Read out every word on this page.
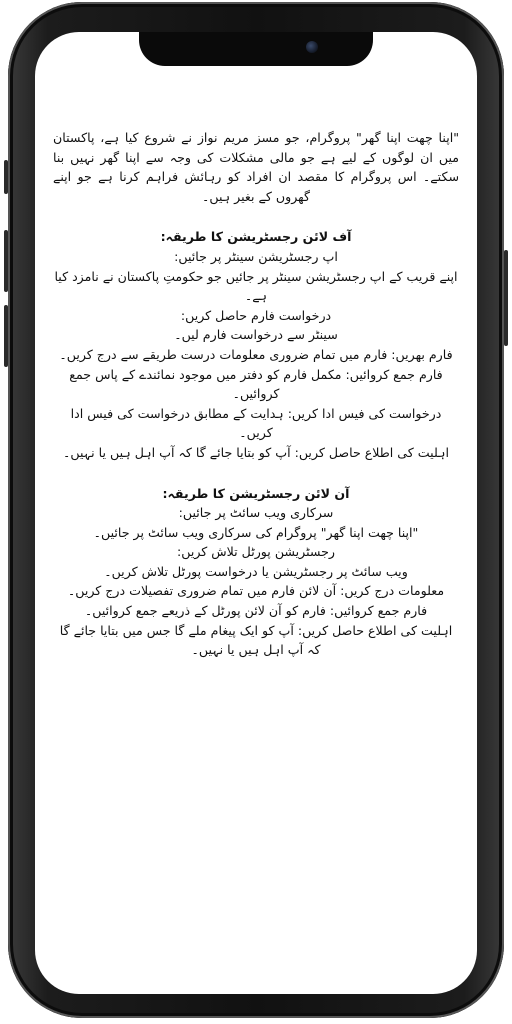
"اپنا چھت اپنا گھر" پروگرام، جو مسز مریم نواز نے شروع کیا ہے، پاکستان میں ان لوگوں کے لیے ہے جو مالی مشکلات کی وجہ سے اپنا گھر نہیں بنا سکتے۔ اس پروگرام کا مقصد ان افراد کو رہائش فراہم کرنا ہے جو اپنے گھروں کے بغیر ہیں۔

آف لائن رجسٹریشن کا طریقہ:

اپ رجسٹریشن سینٹر پر جائیں:

اپنے قریب کے اپ رجسٹریشن سینٹر پر جائیں جو حکومتِ پاکستان نے نامزد کیا ہے۔

درخواست فارم حاصل کریں:

سینٹر سے درخواست فارم لیں۔

فارم بھریں: فارم میں تمام ضروری معلومات درست طریقے سے درج کریں۔

فارم جمع کروائیں: مکمل فارم کو دفتر میں موجود نمائندے کے پاس جمع کروائیں۔

درخواست کی فیس ادا کریں: ہدایت کے مطابق درخواست کی فیس ادا کریں۔

اہلیت کی اطلاع حاصل کریں: آپ کو بتایا جائے گا کہ آپ اہل ہیں یا نہیں۔

آن لائن رجسٹریشن کا طریقہ:

سرکاری ویب سائٹ پر جائیں:

"اپنا چھت اپنا گھر" پروگرام کی سرکاری ویب سائٹ پر جائیں۔

رجسٹریشن پورٹل تلاش کریں:

ویب سائٹ پر رجسٹریشن یا درخواست پورٹل تلاش کریں۔

معلومات درج کریں: آن لائن فارم میں تمام ضروری تفصیلات درج کریں۔

فارم جمع کروائیں: فارم کو آن لائن پورٹل کے ذریعے جمع کروائیں۔

اہلیت کی اطلاع حاصل کریں: آپ کو ایک پیغام ملے گا جس میں بتایا جائے گا کہ آپ اہل ہیں یا نہیں۔
